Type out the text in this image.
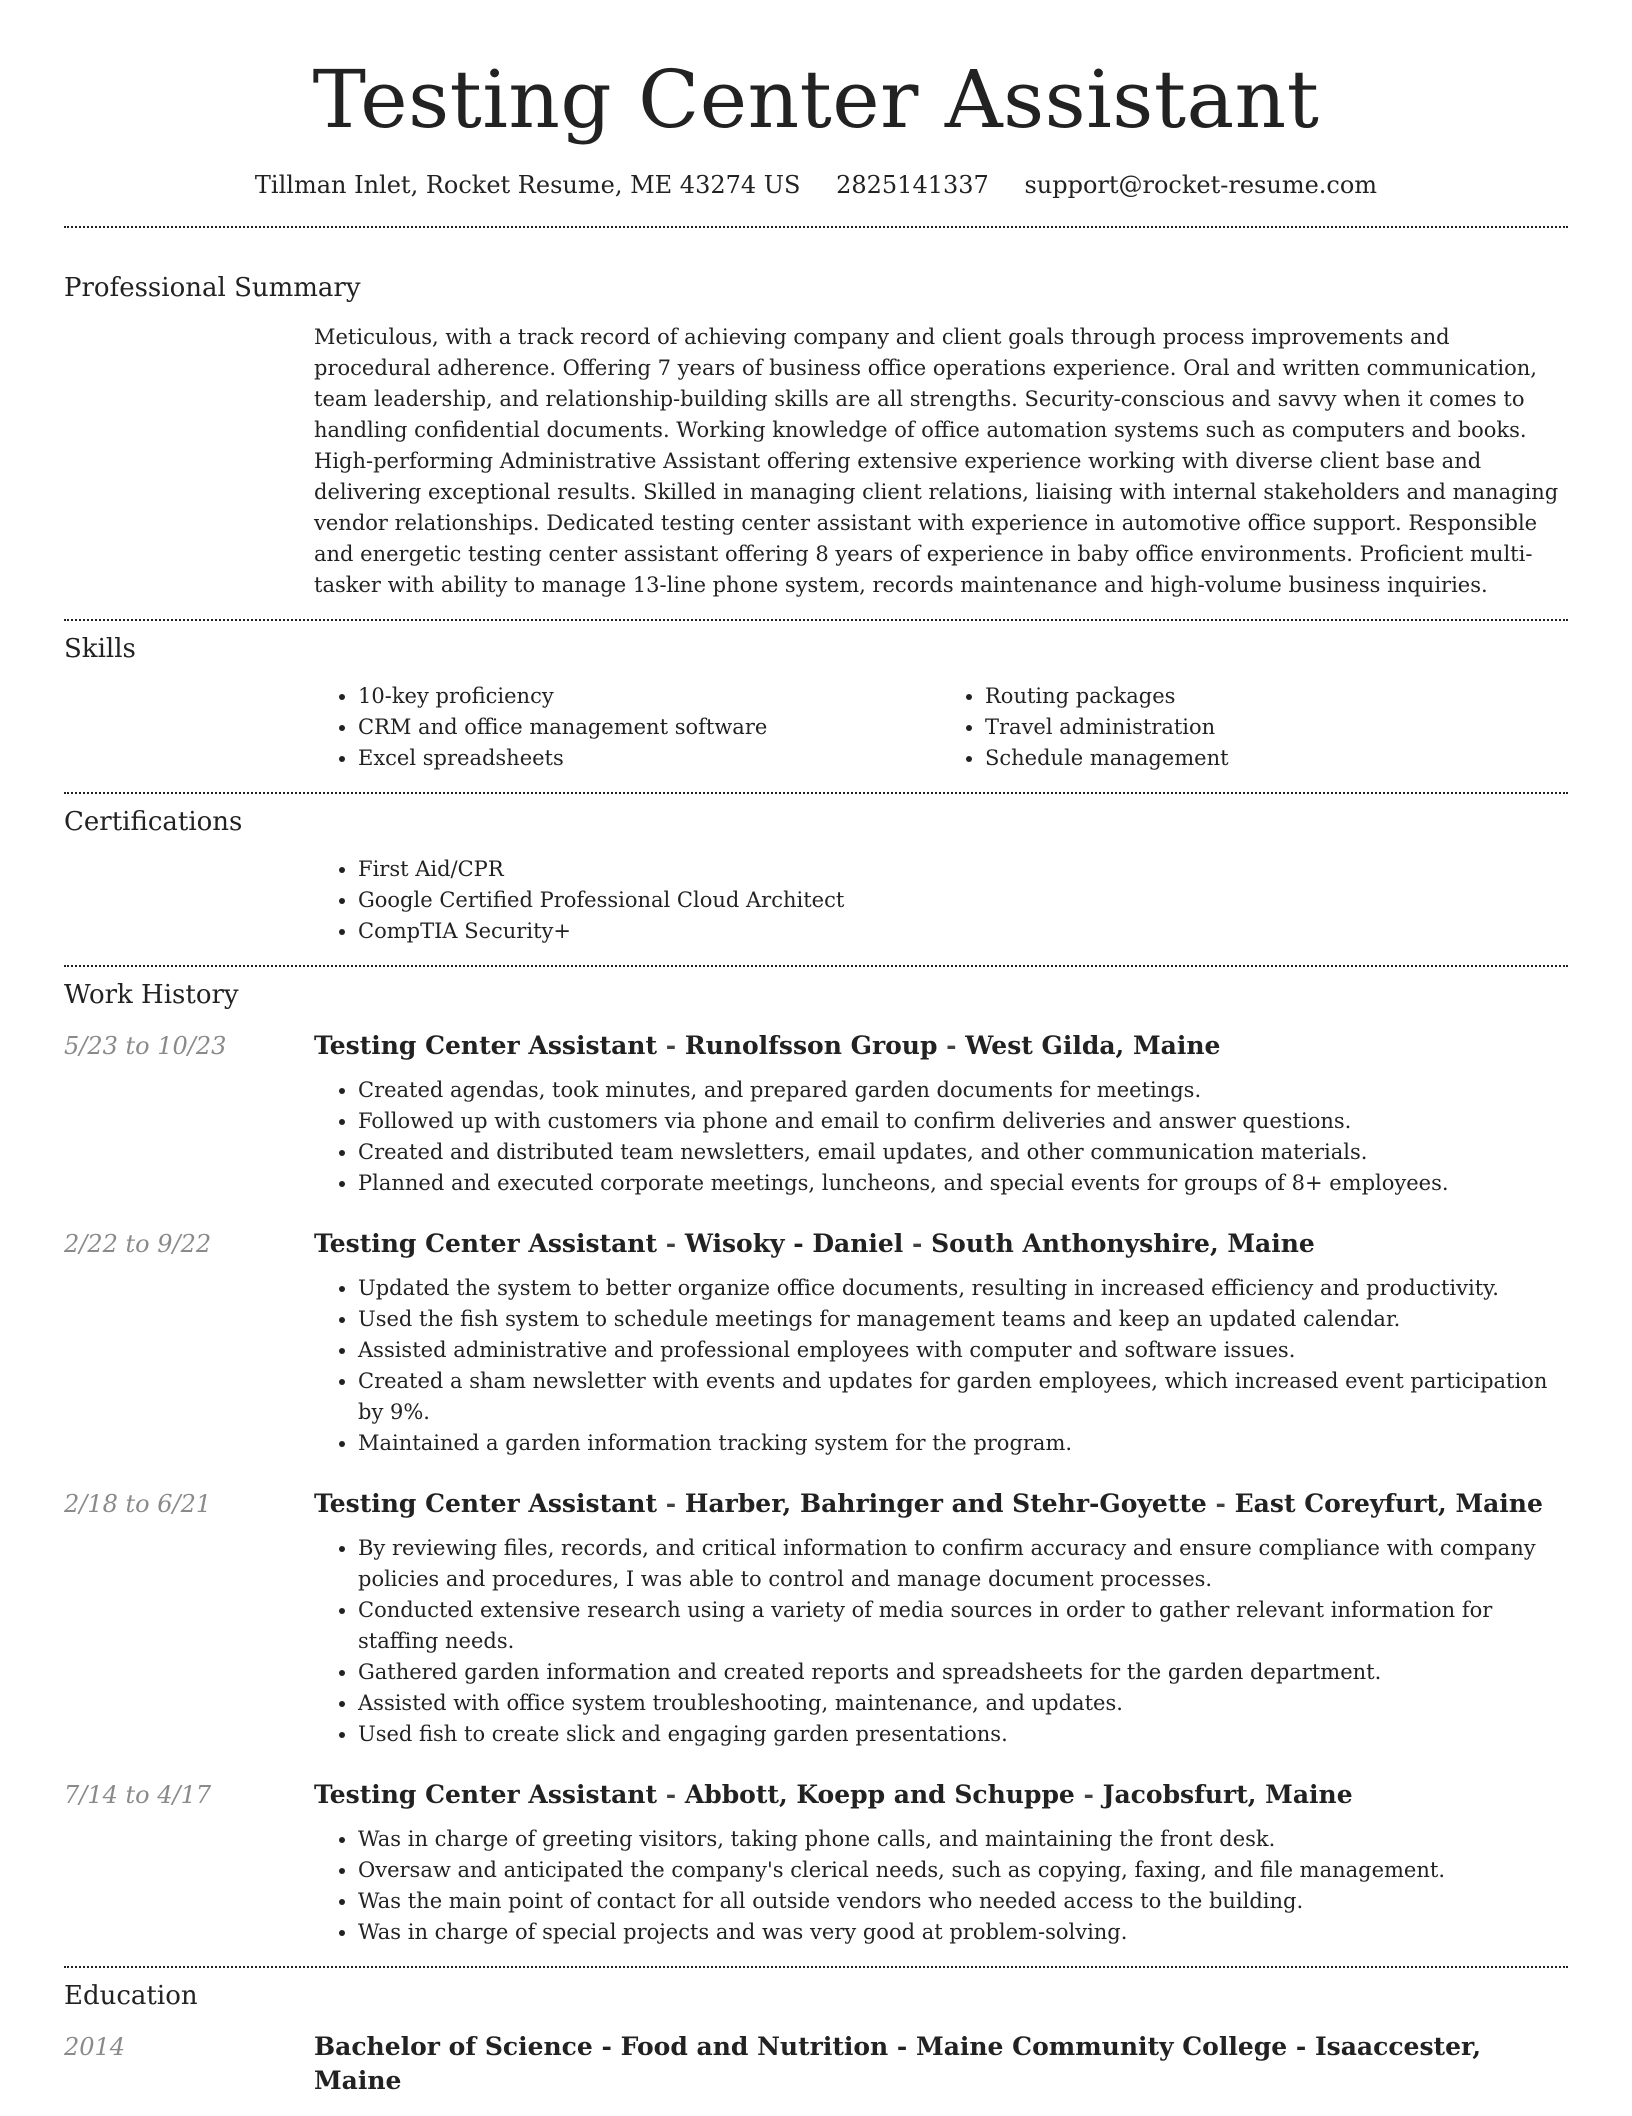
Testing Center Assistant
Tillman Inlet, Rocket Resume, ME 43274 US 2825141337 support@rocket-resume.com
Professional Summary

Meticulous, with a track record of achieving company and client goals through process improvements and procedural adherence. Offering 7 years of business office operations experience. Oral and written communication, team leadership, and relationship-building skills are all strengths. Security-conscious and savvy when it comes to handling confidential documents. Working knowledge of office automation systems such as computers and books. High-performing Administrative Assistant offering extensive experience working with diverse client base and delivering exceptional results. Skilled in managing client relations, liaising with internal stakeholders and managing vendor relationships. Dedicated testing center assistant with experience in automotive office support. Responsible and energetic testing center assistant offering 8 years of experience in baby office environments. Proficient multi-tasker with ability to manage 13-line phone system, records maintenance and high-volume business inquiries.

Skills
• 10-key proficiency
• CRM and office management software
• Excel spreadsheets
• Routing packages
• Travel administration
• Schedule management
Certifications
• First Aid/CPR
• Google Certified Professional Cloud Architect
• CompTIA Security+
Work History
5/23 to 10/23	Testing Center Assistant - Runolfsson Group - West Gilda, Maine
• Created agendas, took minutes, and prepared garden documents for meetings.
• Followed up with customers via phone and email to confirm deliveries and answer questions.
• Created and distributed team newsletters, email updates, and other communication materials.
• Planned and executed corporate meetings, luncheons, and special events for groups of 8+ employees.
2/22 to 9/22	Testing Center Assistant - Wisoky - Daniel - South Anthonyshire, Maine
• Updated the system to better organize office documents, resulting in increased efficiency and productivity.
• Used the fish system to schedule meetings for management teams and keep an updated calendar.
• Assisted administrative and professional employees with computer and software issues.
• Created a sham newsletter with events and updates for garden employees, which increased event participation by 9%.
• Maintained a garden information tracking system for the program.
2/18 to 6/21	Testing Center Assistant - Harber, Bahringer and Stehr-Goyette - East Coreyfurt, Maine
• By reviewing files, records, and critical information to confirm accuracy and ensure compliance with company policies and procedures, I was able to control and manage document processes.
• Conducted extensive research using a variety of media sources in order to gather relevant information for staffing needs.
• Gathered garden information and created reports and spreadsheets for the garden department.
• Assisted with office system troubleshooting, maintenance, and updates.
• Used fish to create slick and engaging garden presentations.
7/14 to 4/17	Testing Center Assistant - Abbott, Koepp and Schuppe - Jacobsfurt, Maine
• Was in charge of greeting visitors, taking phone calls, and maintaining the front desk.
• Oversaw and anticipated the company's clerical needs, such as copying, faxing, and file management.
• Was the main point of contact for all outside vendors who needed access to the building.
• Was in charge of special projects and was very good at problem-solving.
Education
2014	Bachelor of Science - Food and Nutrition - Maine Community College - Isaaccester, Maine
